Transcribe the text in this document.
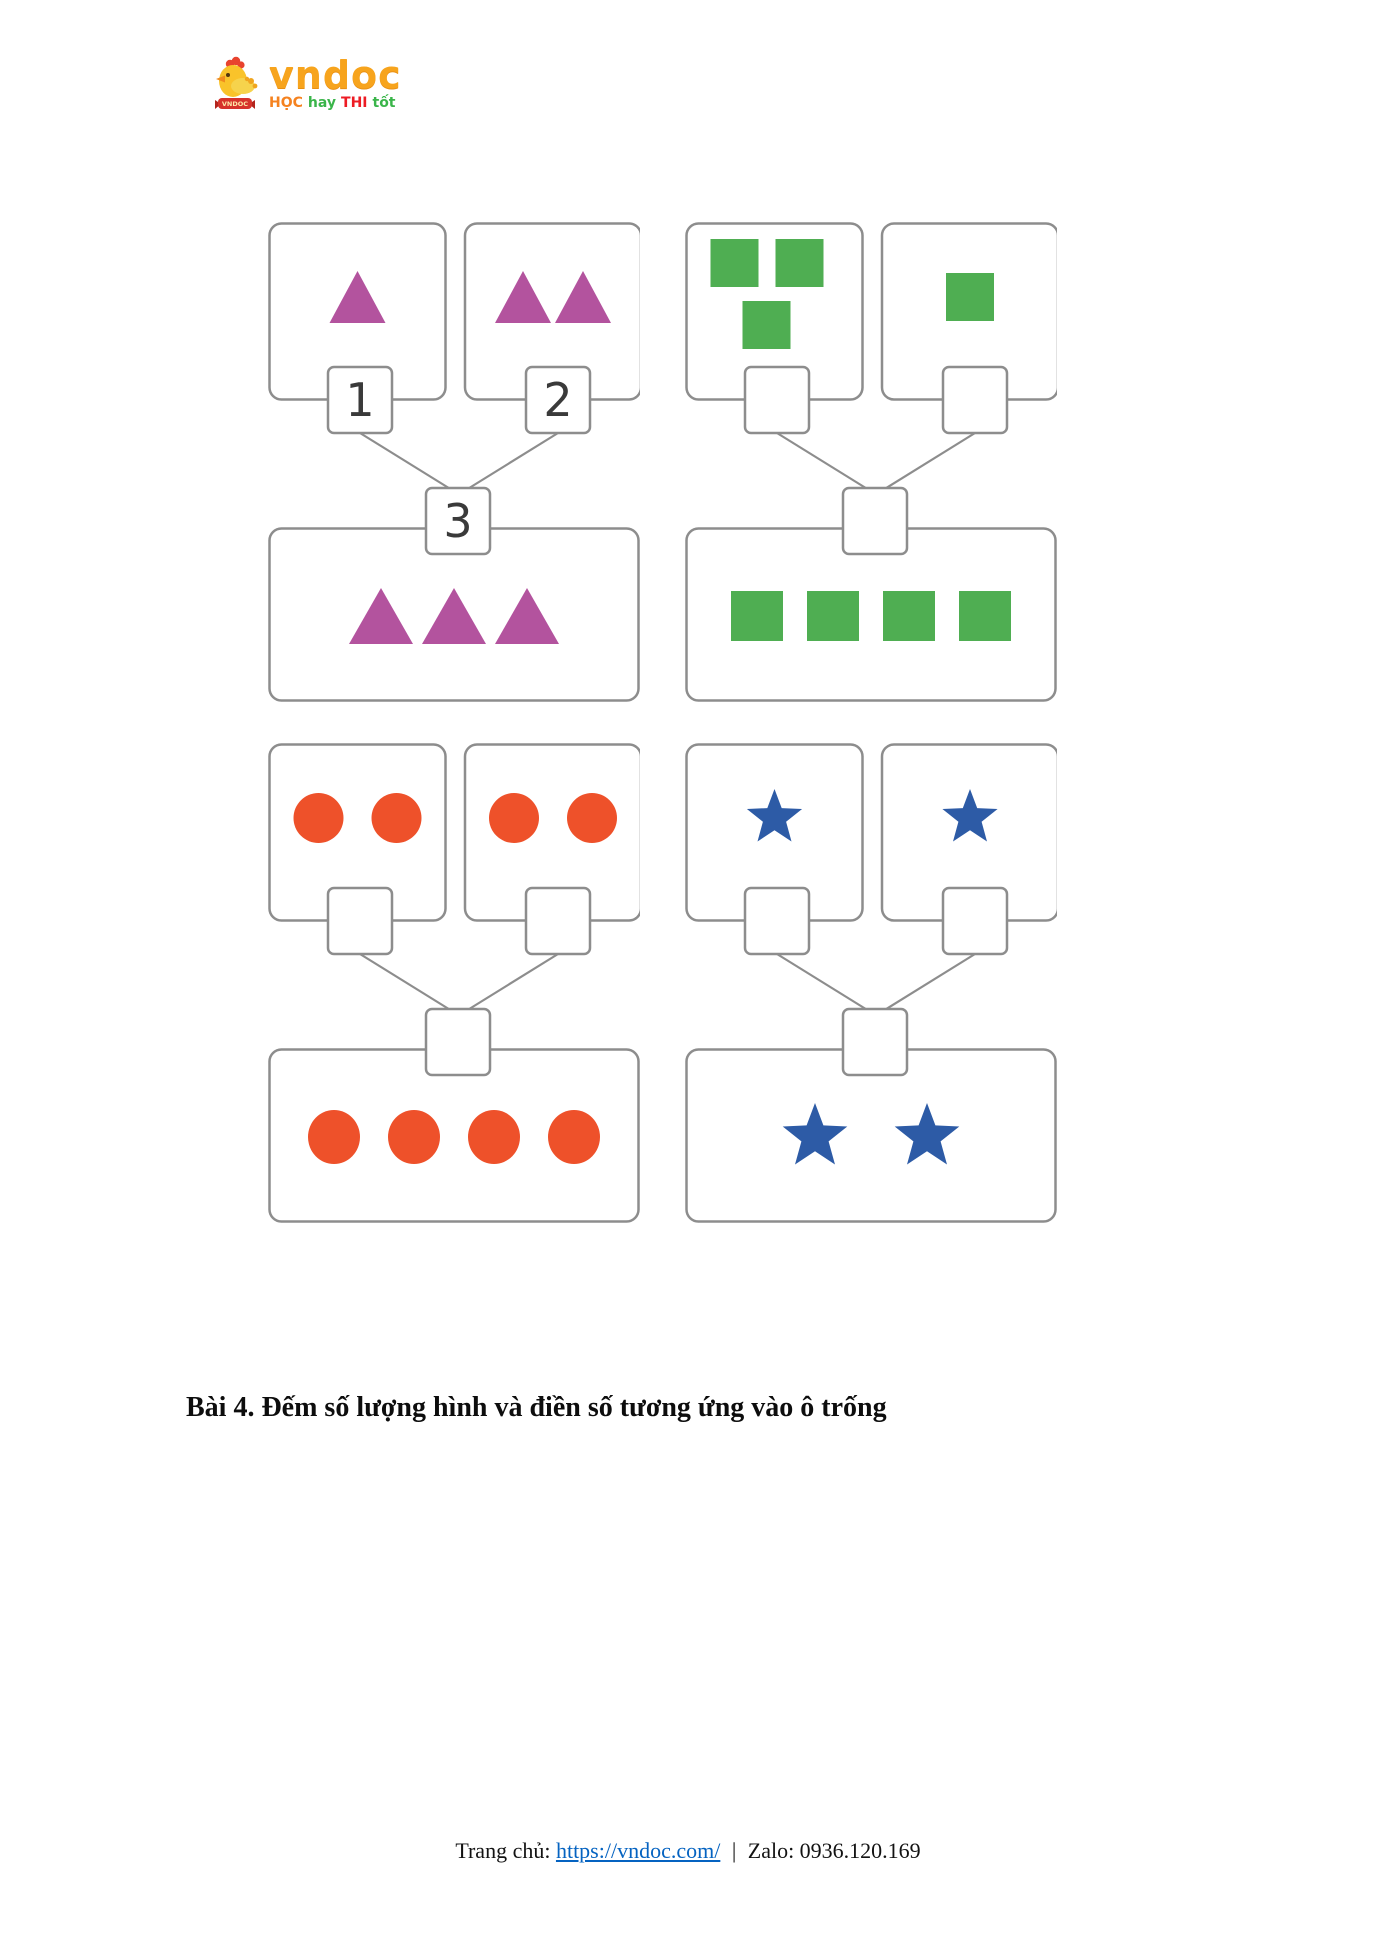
VNDOC
vndoc
HỌC hay THI tốt
1	2
3

Bài 4. Đếm số lượng hình và điền số tương ứng vào ô trống

Trang chủ: https://vndoc.com/ | Zalo: 0936.120.169
